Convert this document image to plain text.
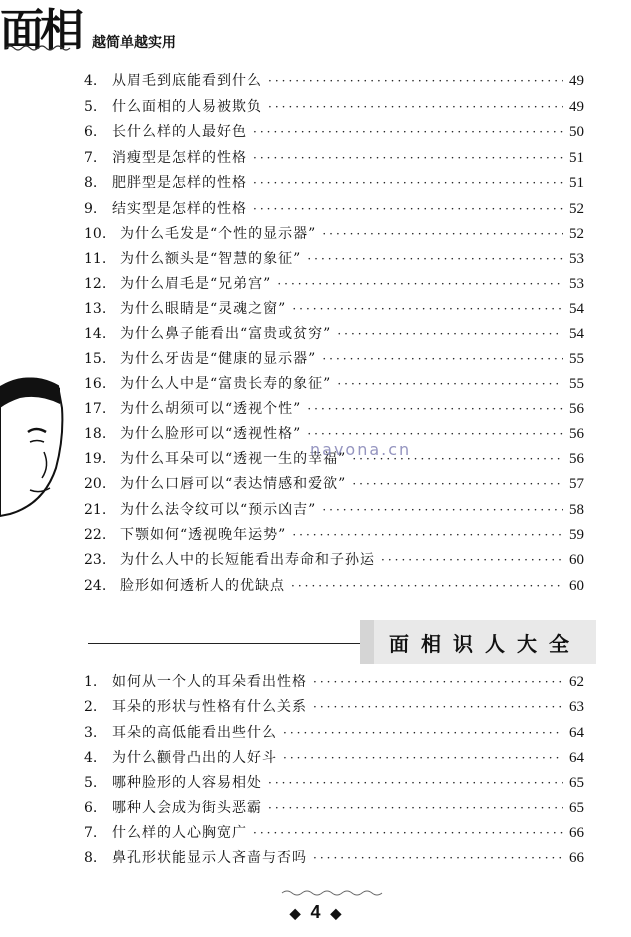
面相 越简单越实用
4.	从眉毛到底能看到什么 ·····	49
5.	什么面相的人易被欺负 ·····	49
6.	长什么样的人最好色 ·····	50
7.	消瘦型是怎样的性格 ·····	51
8.	肥胖型是怎样的性格 ·····	51
9.	结实型是怎样的性格 ·····	52
10. 为什么毛发是“个性的显示器” ·····	52
11. 为什么额头是“智慧的象征” ·····	53
12. 为什么眉毛是“兄弟宫” ·····	53
13. 为什么眼睛是“灵魂之窗” ·····	54
14. 为什么鼻子能看出“富贵或贫穷” ·····	54
15. 为什么牙齿是“健康的显示器” ·····	55
16. 为什么人中是“富贵长寿的象征” ·····	55
17. 为什么胡须可以“透视个性” ·····	56
18. 为什么脸形可以“透视性格” ·····	56
19. 为什么耳朵可以“透视一生的幸福” ·····	56
20. 为什么口唇可以“表达情感和爱欲” ·····	57
21. 为什么法令纹可以“预示凶吉” ·····	58
22. 下颚如何“透视晚年运势” ·····	59
23. 为什么人中的长短能看出寿命和子孙运 ·····	60
24. 脸形如何透析人的优缺点 ·····	60
面相识人大全
1.	如何从一个人的耳朵看出性格 ·····	62
2.	耳朵的形状与性格有什么关系 ·····	63
3.	耳朵的高低能看出些什么 ·····	64
4.	为什么颧骨凸出的人好斗 ·····	64
5.	哪种脸形的人容易相处 ·····	65
6.	哪种人会成为街头恶霸 ·····	65
7.	什么样的人心胸宽广 ·····	66
8.	鼻孔形状能显示人吝啬与否吗 ·····	66
navona.cn
◆ 4 ◆
